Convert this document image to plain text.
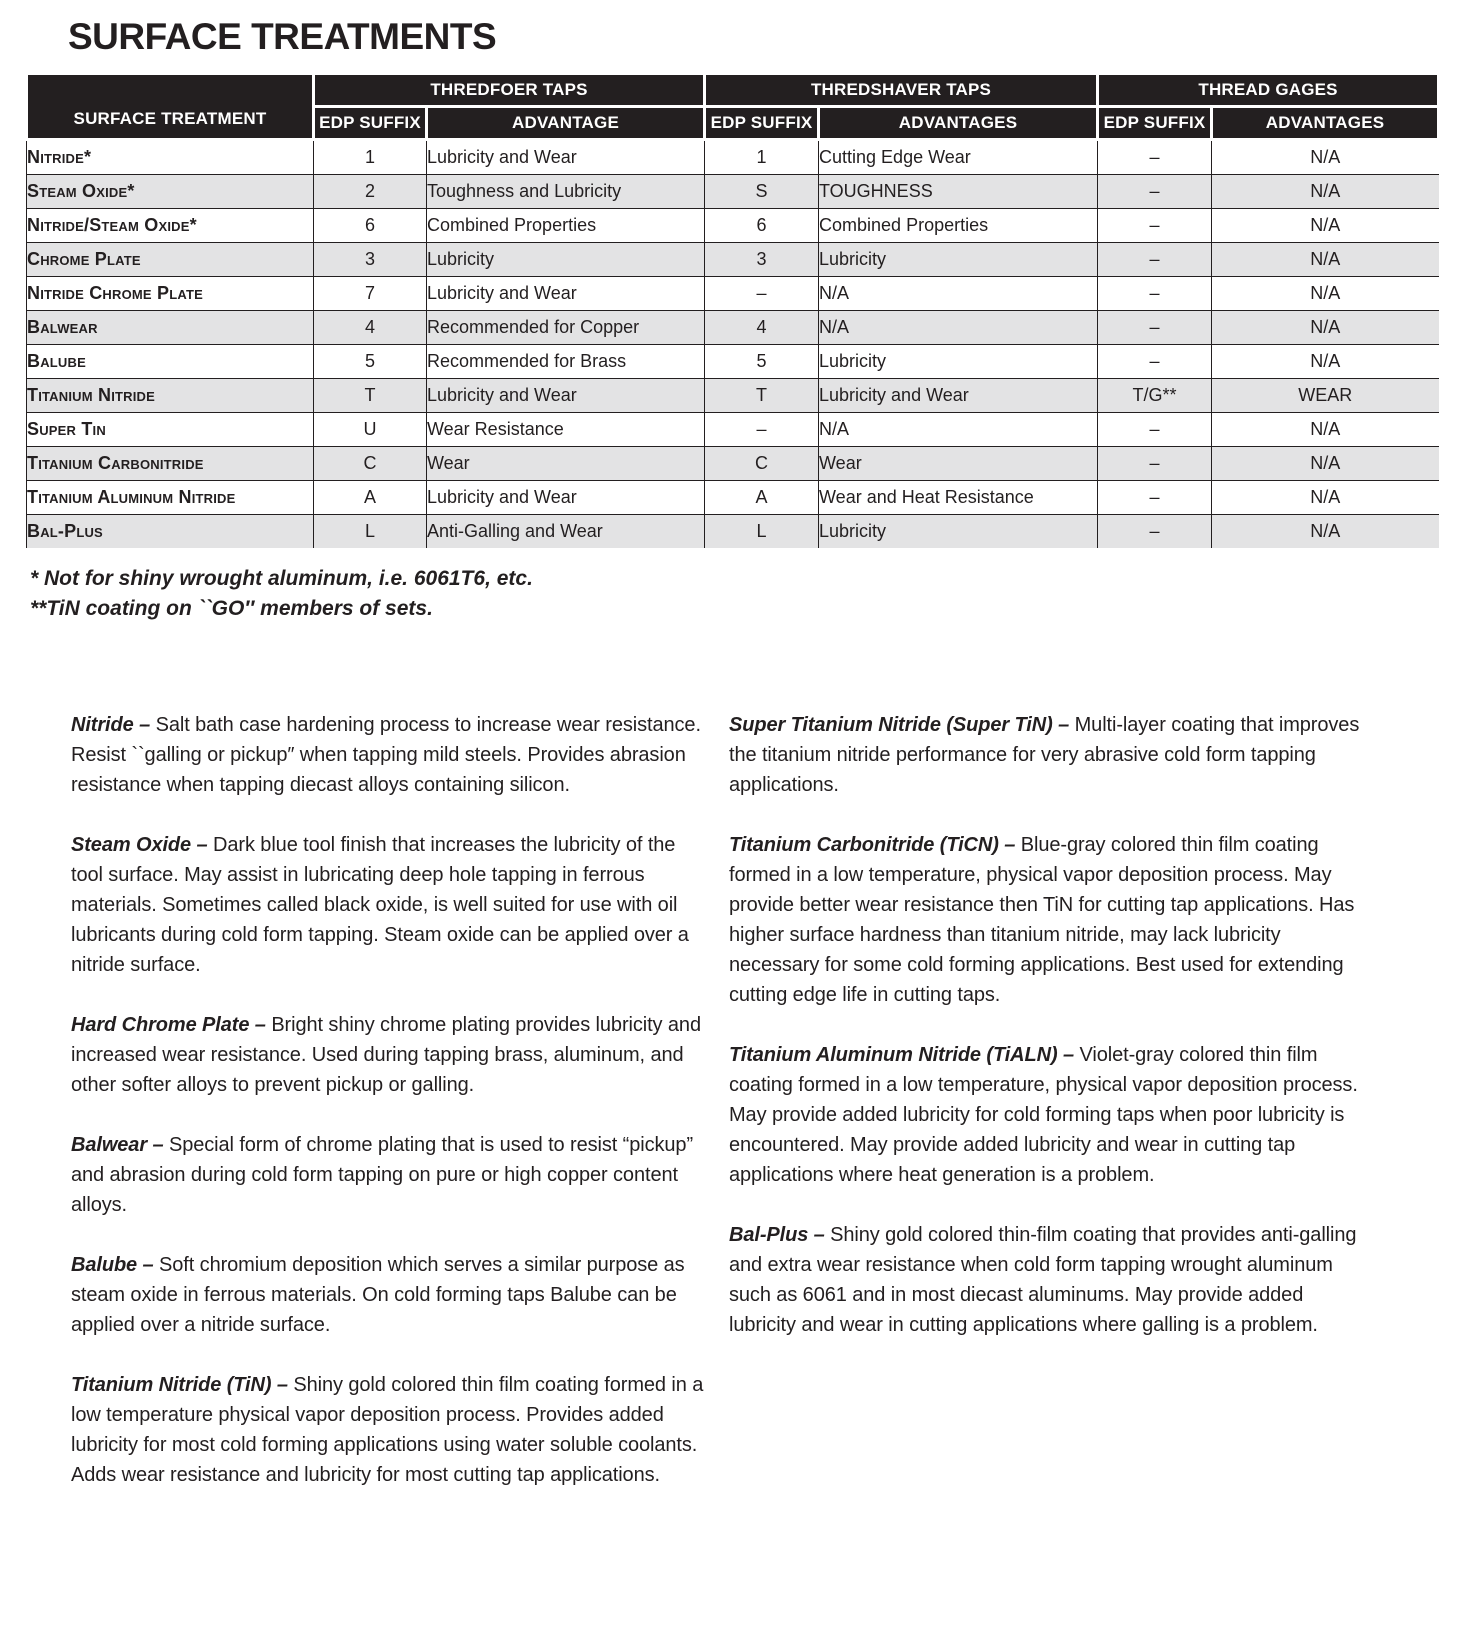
SURFACE TREATMENTS
SURFACE TREATMENT	THREDFOER TAPS		THREDSHAVER TAPS		THREAD GAGES	
	EDP SUFFIX	ADVANTAGE	EDP SUFFIX	ADVANTAGES	EDP SUFFIX	ADVANTAGES
Nitride*	1	Lubricity and Wear	1	Cutting Edge Wear	–	N/A
Steam Oxide*	2	Toughness and Lubricity	S	TOUGHNESS	–	N/A
Nitride/Steam Oxide*	6	Combined Properties	6	Combined Properties	–	N/A
Chrome Plate	3	Lubricity	3	Lubricity	–	N/A
Nitride Chrome Plate	7	Lubricity and Wear	–	N/A	–	N/A
Balwear	4	Recommended for Copper	4	N/A	–	N/A
Balube	5	Recommended for Brass	5	Lubricity	–	N/A
Titanium Nitride	T	Lubricity and Wear	T	Lubricity and Wear	T/G**	WEAR
Super Tin	U	Wear Resistance	–	N/A	–	N/A
Titanium Carbonitride	C	Wear	C	Wear	–	N/A
Titanium Aluminum Nitride	A	Lubricity and Wear	A	Wear and Heat Resistance	–	N/A
Bal-Plus	L	Anti-Galling and Wear	L	Lubricity	–	N/A

* Not for shiny wrought aluminum, i.e. 6061T6, etc.

**TiN coating on ``GO″ members of sets.

Nitride – Salt bath case hardening process to increase wear resistance. Resist ``galling or pickup″ when tapping mild steels. Provides abrasion resistance when tapping diecast alloys containing silicon.

Steam Oxide – Dark blue tool finish that increases the lubricity of the tool surface. May assist in lubricating deep hole tapping in ferrous materials. Sometimes called black oxide, is well suited for use with oil lubricants during cold form tapping. Steam oxide can be applied over a nitride surface.

Hard Chrome Plate – Bright shiny chrome plating provides lubricity and increased wear resistance. Used during tapping brass, aluminum, and other softer alloys to prevent pickup or galling.

Balwear – Special form of chrome plating that is used to resist “pickup” and abrasion during cold form tapping on pure or high copper content alloys.

Balube – Soft chromium deposition which serves a similar purpose as steam oxide in ferrous materials. On cold forming taps Balube can be applied over a nitride surface.

Titanium Nitride (TiN) – Shiny gold colored thin film coating formed in a low temperature physical vapor deposition process. Provides added lubricity for most cold forming applications using water soluble coolants. Adds wear resistance and lubricity for most cutting tap applications.

Super Titanium Nitride (Super TiN) – Multi-layer coating that improves the titanium nitride performance for very abrasive cold form tapping applications.

Titanium Carbonitride (TiCN) – Blue-gray colored thin film coating formed in a low temperature, physical vapor deposition process. May provide better wear resistance then TiN for cutting tap applications. Has higher surface hardness than titanium nitride, may lack lubricity necessary for some cold forming applications. Best used for extending cutting edge life in cutting taps.

Titanium Aluminum Nitride (TiALN) – Violet-gray colored thin film coating formed in a low temperature, physical vapor deposition process. May provide added lubricity for cold forming taps when poor lubricity is encountered. May provide added lubricity and wear in cutting tap applications where heat generation is a problem.

Bal-Plus – Shiny gold colored thin-film coating that provides anti-galling and extra wear resistance when cold form tapping wrought aluminum such as 6061 and in most diecast aluminums. May provide added lubricity and wear in cutting applications where galling is a problem.
